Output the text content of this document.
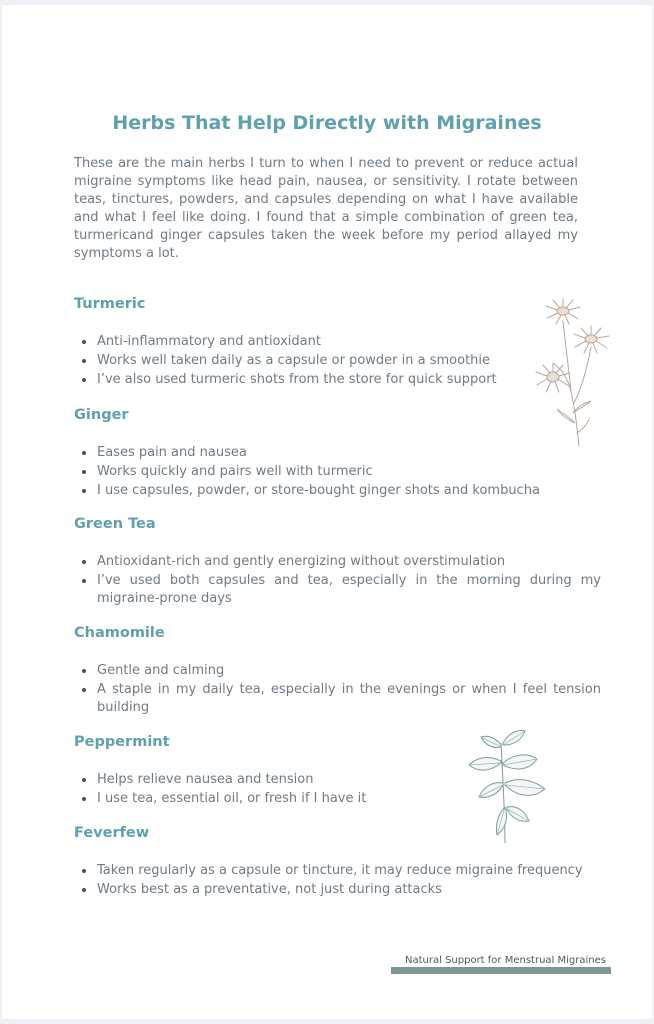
Herbs That Help Directly with Migraines

These are the main herbs I turn to when I need to prevent or reduce actual migraine symptoms like head pain, nausea, or sensitivity. I rotate between teas, tinctures, powders, and capsules depending on what I have available and what I feel like doing. I found that a simple combination of green tea, turmericand ginger capsules taken the week before my period allayed my symptoms a lot.

Turmeric
• Anti-inflammatory and antioxidant
• Works well taken daily as a capsule or powder in a smoothie
• I’ve also used turmeric shots from the store for quick support
Ginger
• Eases pain and nausea
• Works quickly and pairs well with turmeric
• I use capsules, powder, or store-bought ginger shots and kombucha
Green Tea
• Antioxidant-rich and gently energizing without overstimulation
• I’ve used both capsules and tea, especially in the morning during my migraine-prone days
Chamomile
• Gentle and calming
• A staple in my daily tea, especially in the evenings or when I feel tension building
Peppermint
• Helps relieve nausea and tension
• I use tea, essential oil, or fresh if I have it
Feverfew
• Taken regularly as a capsule or tincture, it may reduce migraine frequency
• Works best as a preventative, not just during attacks
Natural Support for Menstrual Migraines
